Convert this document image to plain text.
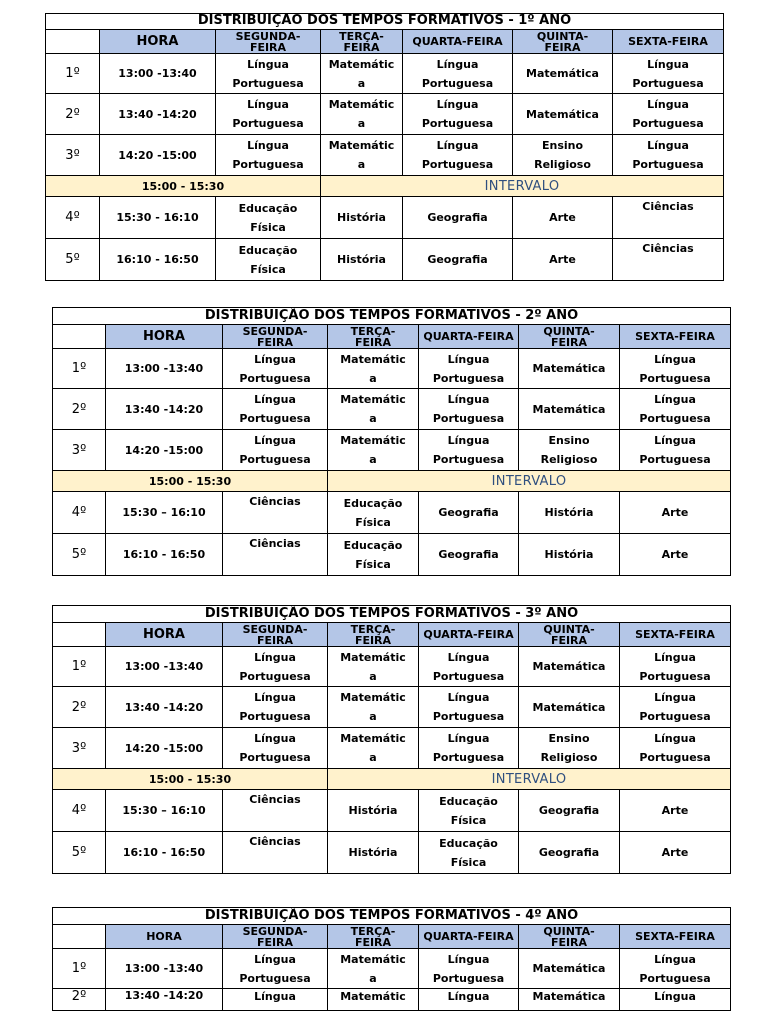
DISTRIBUIÇÃO DOS TEMPOS FORMATIVOS - 1º ANO						
	HORA	SEGUNDA-
FEIRA	TERÇA-
FEIRA	QUARTA-FEIRA	QUINTA-
FEIRA	SEXTA-FEIRA
1º	13:00 -13:40	Língua
Portuguesa	Matemátic
a	Língua
Portuguesa	Matemática	Língua
Portuguesa
2º	13:40 -14:20	Língua
Portuguesa	Matemátic
a	Língua
Portuguesa	Matemática	Língua
Portuguesa
3º	14:20 -15:00	Língua
Portuguesa	Matemátic
a	Língua
Portuguesa	Ensino
Religioso	Língua
Portuguesa
15:00 - 15:30			INTERVALO			
4º	15:30 - 16:10	Educação
Física	História	Geografia	Arte	Ciências
5º	16:10 - 16:50	Educação
Física	História	Geografia	Arte	Ciências
DISTRIBUIÇÃO DOS TEMPOS FORMATIVOS - 2º ANO						
	HORA	SEGUNDA-
FEIRA	TERÇA-
FEIRA	QUARTA-FEIRA	QUINTA-
FEIRA	SEXTA-FEIRA
1º	13:00 -13:40	Língua
Portuguesa	Matemátic
a	Língua
Portuguesa	Matemática	Língua
Portuguesa
2º	13:40 -14:20	Língua
Portuguesa	Matemátic
a	Língua
Portuguesa	Matemática	Língua
Portuguesa
3º	14:20 -15:00	Língua
Portuguesa	Matemátic
a	Língua
Portuguesa	Ensino
Religioso	Língua
Portuguesa
15:00 - 15:30			INTERVALO			
4º	15:30 – 16:10	Ciências	Educação
Física	Geografia	História	Arte
5º	16:10 - 16:50	Ciências	Educação
Física	Geografia	História	Arte
DISTRIBUIÇÃO DOS TEMPOS FORMATIVOS - 3º ANO						
	HORA	SEGUNDA-
FEIRA	TERÇA-
FEIRA	QUARTA-FEIRA	QUINTA-
FEIRA	SEXTA-FEIRA
1º	13:00 -13:40	Língua
Portuguesa	Matemátic
a	Língua
Portuguesa	Matemática	Língua
Portuguesa
2º	13:40 -14:20	Língua
Portuguesa	Matemátic
a	Língua
Portuguesa	Matemática	Língua
Portuguesa
3º	14:20 -15:00	Língua
Portuguesa	Matemátic
a	Língua
Portuguesa	Ensino
Religioso	Língua
Portuguesa
15:00 - 15:30			INTERVALO			
4º	15:30 – 16:10	Ciências	História	Educação
Física	Geografia	Arte
5º	16:10 - 16:50	Ciências	História	Educação
Física	Geografia	Arte
DISTRIBUIÇÃO DOS TEMPOS FORMATIVOS - 4º ANO						
	HORA	SEGUNDA-
FEIRA	TERÇA-
FEIRA	QUARTA-FEIRA	QUINTA-
FEIRA	SEXTA-FEIRA
1º	13:00 -13:40	Língua
Portuguesa	Matemátic
a	Língua
Portuguesa	Matemática	Língua
Portuguesa
2º	13:40 -14:20	Língua	Matemátic	Língua	Matemática	Língua
